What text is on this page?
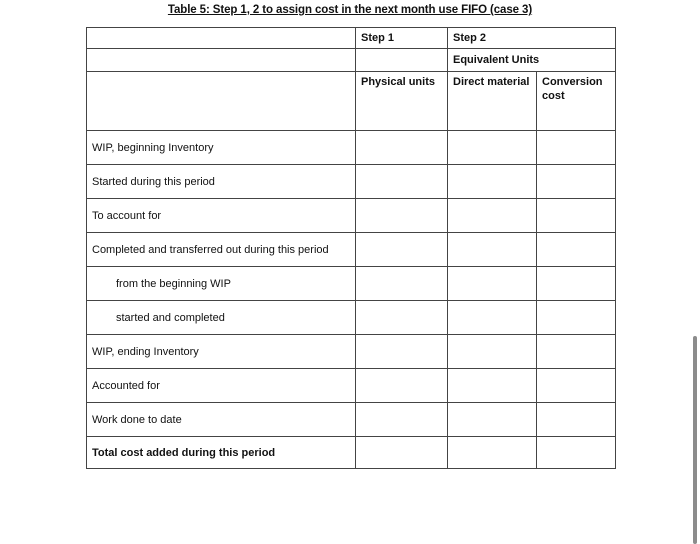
Table 5: Step 1, 2 to assign cost in the next month use FIFO (case 3)
	Step 1	Step 2	
		Equivalent Units	
	Physical units	Direct material	Conversion cost
WIP, beginning Inventory			
Started during this period			
To account for			
Completed and transferred out during this period			
from the beginning WIP			
started and completed			
WIP, ending Inventory			
Accounted for			
Work done to date			
Total cost added during this period			
